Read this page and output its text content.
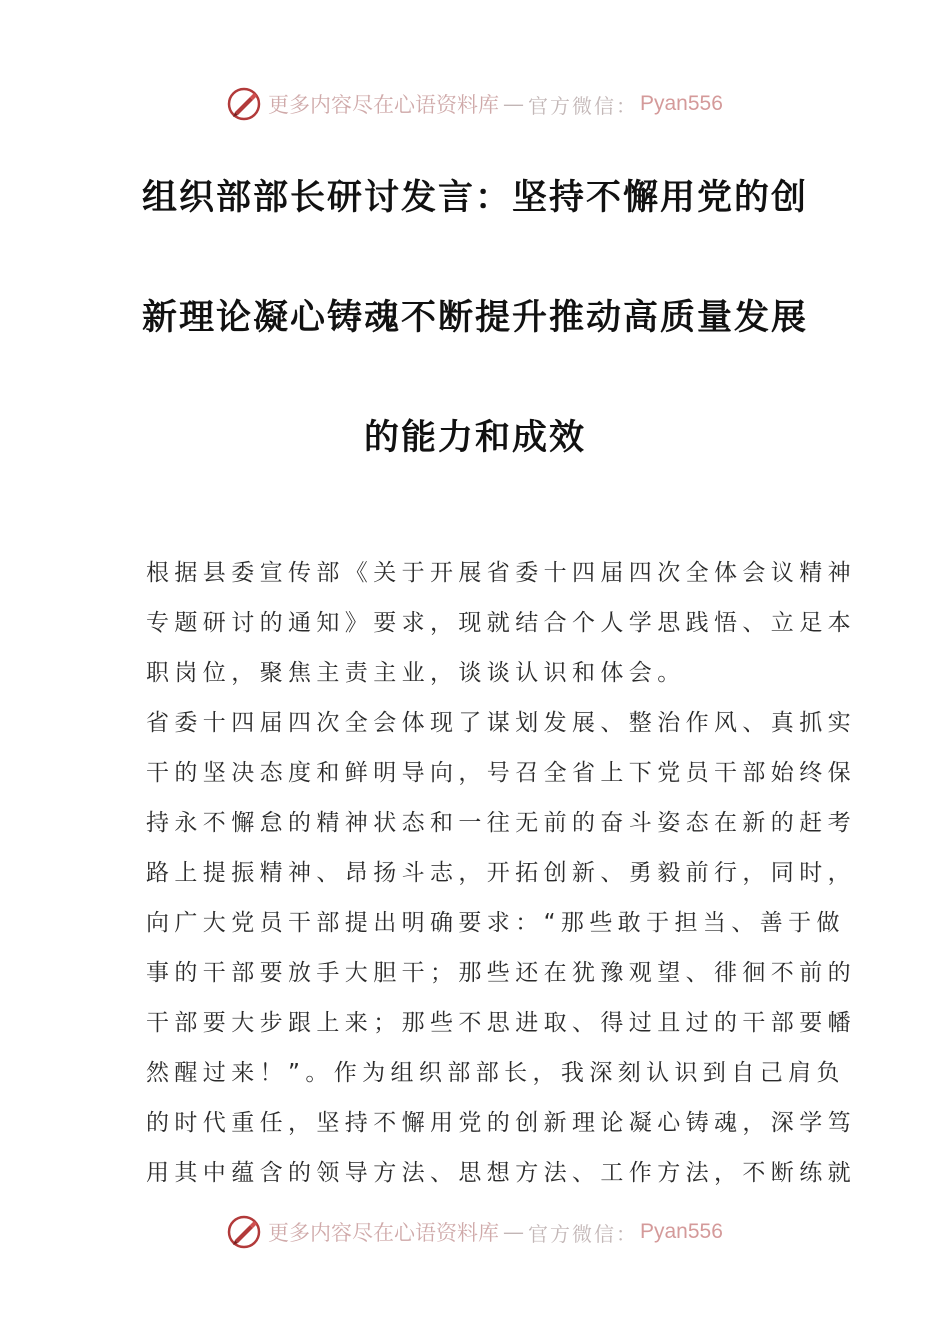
更多内容尽在心语资料库 — 官方微信： Pyan556
组织部部长研讨发言：坚持不懈用党的创
新理论凝心铸魂不断提升推动高质量发展
的能力和成效
根据县委宣传部《关于开展省委十四届四次全体会议精神
专题研讨的通知》要求，现就结合个人学思践悟、立足本
职岗位，聚焦主责主业，谈谈认识和体会。
省委十四届四次全会体现了谋划发展、整治作风、真抓实
干的坚决态度和鲜明导向，号召全省上下党员干部始终保
持永不懈怠的精神状态和一往无前的奋斗姿态在新的赶考
路上提振精神、昂扬斗志，开拓创新、勇毅前行，同时，
向广大党员干部提出明确要求：“那些敢于担当、善于做
事的干部要放手大胆干；那些还在犹豫观望、徘徊不前的
干部要大步跟上来；那些不思进取、得过且过的干部要幡
然醒过来！”。作为组织部部长，我深刻认识到自己肩负
的时代重任，坚持不懈用党的创新理论凝心铸魂，深学笃
用其中蕴含的领导方法、思想方法、工作方法，不断练就
更多内容尽在心语资料库 — 官方微信： Pyan556
